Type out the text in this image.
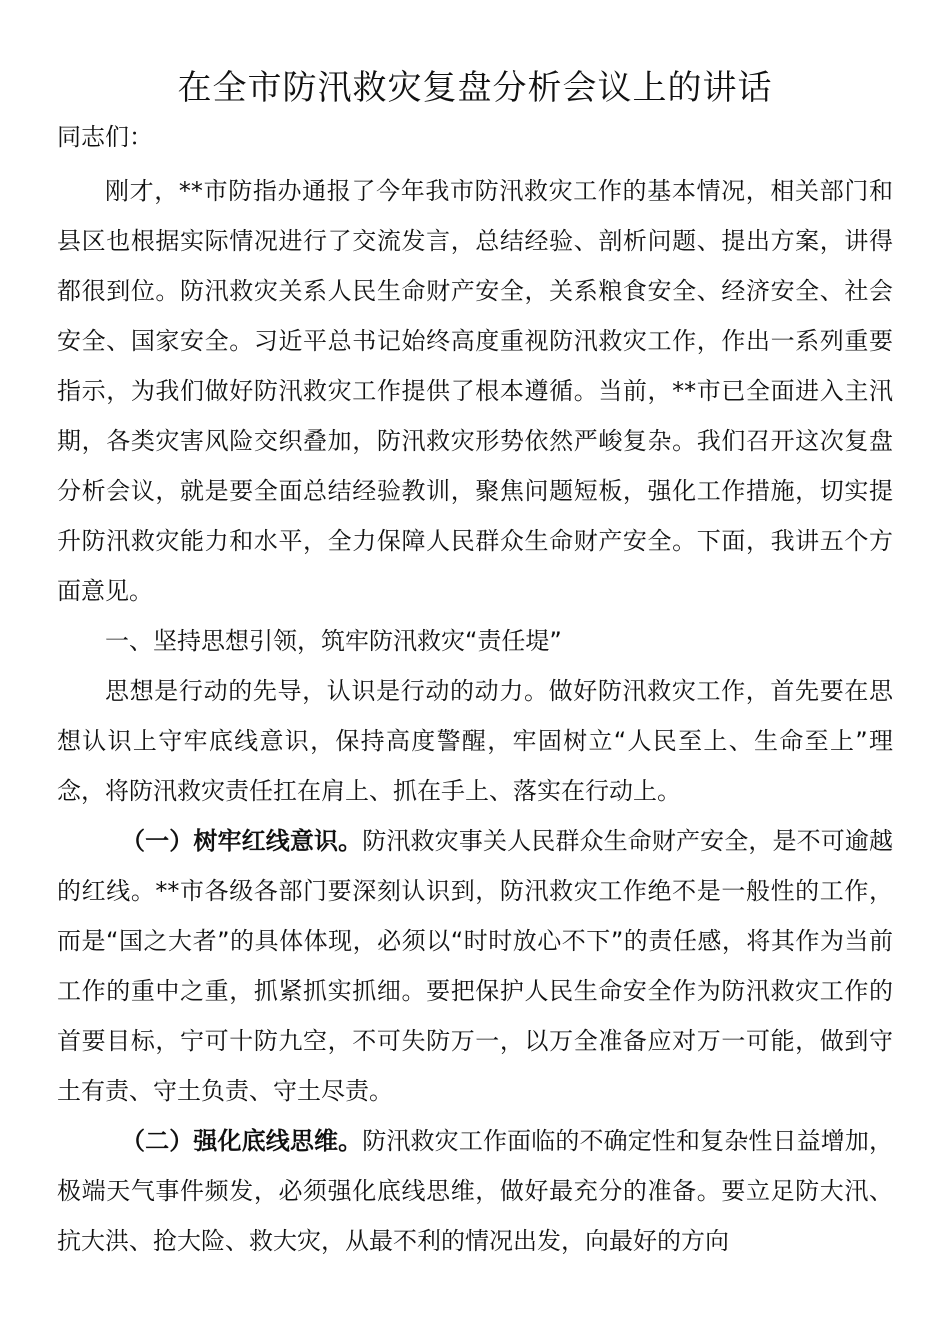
在全市防汛救灾复盘分析会议上的讲话

同志们：

刚才，**市防指办通报了今年我市防汛救灾工作的基本情况，相关部门和县区也根据实际情况进行了交流发言，总结经验、剖析问题、提出方案，讲得都很到位。防汛救灾关系人民生命财产安全，关系粮食安全、经济安全、社会安全、国家安全。习近平总书记始终高度重视防汛救灾工作，作出一系列重要指示，为我们做好防汛救灾工作提供了根本遵循。当前，**市已全面进入主汛期，各类灾害风险交织叠加，防汛救灾形势依然严峻复杂。我们召开这次复盘分析会议，就是要全面总结经验教训，聚焦问题短板，强化工作措施，切实提升防汛救灾能力和水平，全力保障人民群众生命财产安全。下面，我讲五个方面意见。

一、坚持思想引领，筑牢防汛救灾“责任堤”

思想是行动的先导，认识是行动的动力。做好防汛救灾工作，首先要在思想认识上守牢底线意识，保持高度警醒，牢固树立“人民至上、生命至上”理念，将防汛救灾责任扛在肩上、抓在手上、落实在行动上。

（一）树牢红线意识。防汛救灾事关人民群众生命财产安全，是不可逾越的红线。**市各级各部门要深刻认识到，防汛救灾工作绝不是一般性的工作，而是“国之大者”的具体体现，必须以“时时放心不下”的责任感，将其作为当前工作的重中之重，抓紧抓实抓细。要把保护人民生命安全作为防汛救灾工作的首要目标，宁可十防九空，不可失防万一，以万全准备应对万一可能，做到守土有责、守土负责、守土尽责。

（二）强化底线思维。防汛救灾工作面临的不确定性和复杂性日益增加，极端天气事件频发，必须强化底线思维，做好最充分的准备。要立足防大汛、抗大洪、抢大险、救大灾，从最不利的情况出发，向最好的方向
